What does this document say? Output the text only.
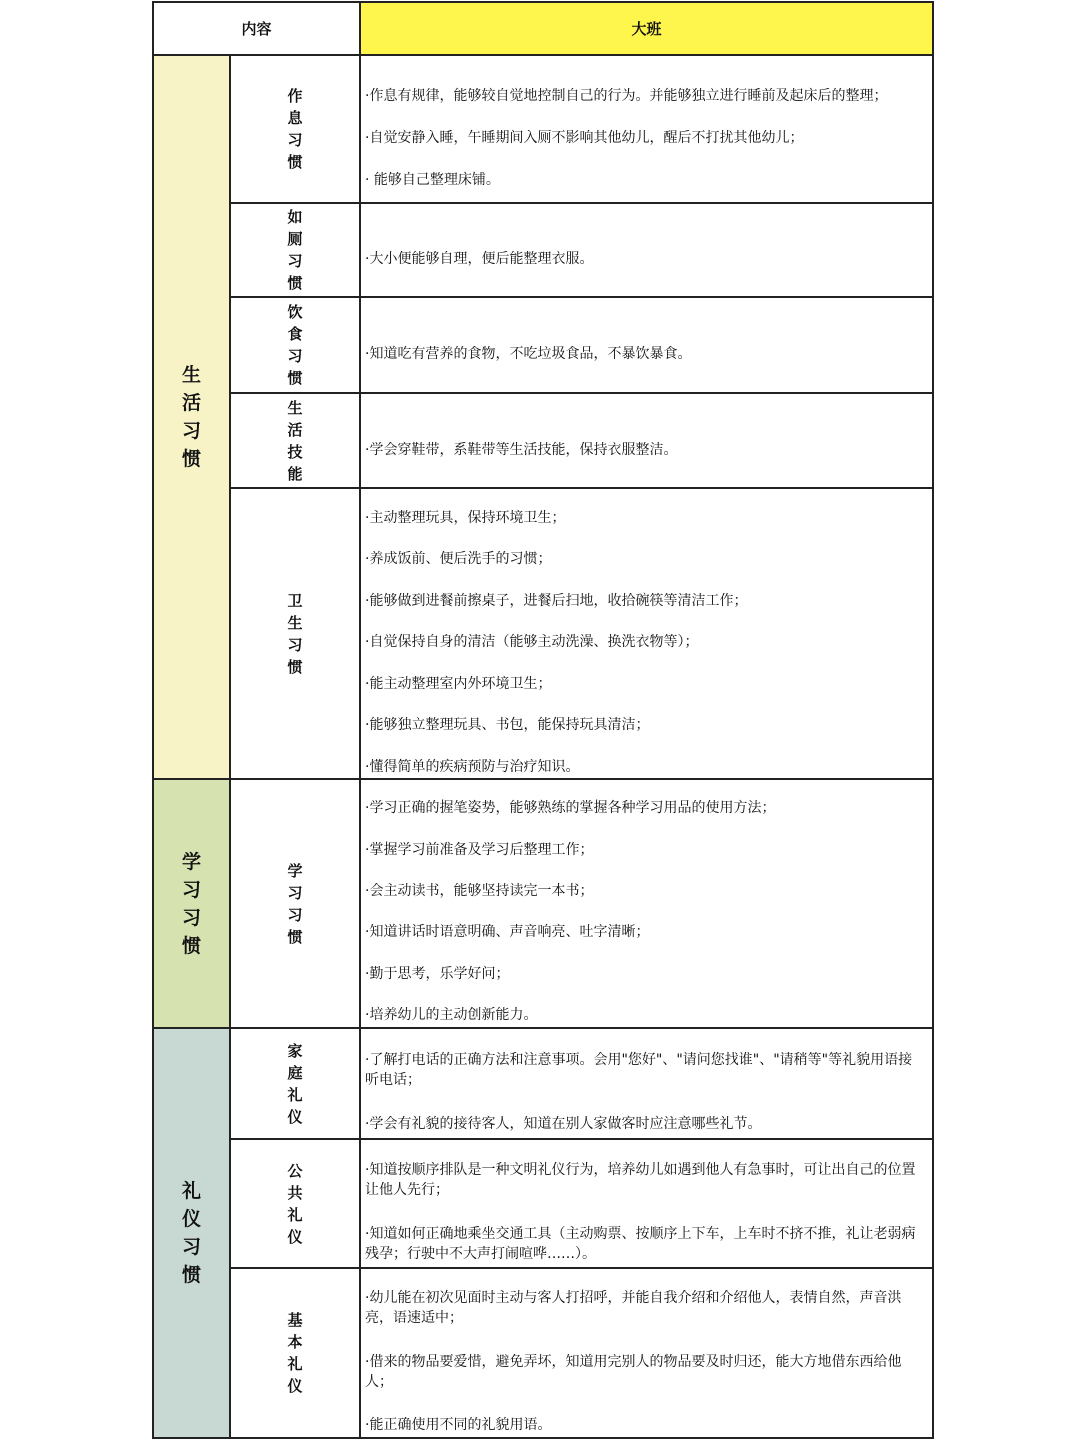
内容	大班
生活习惯
学习习惯
礼仪习惯
作息习惯
如厕习惯
饮食习惯
生活技能
卫生习惯
学习习惯
家庭礼仪
公共礼仪
基本礼仪
·作息有规律，能够较自觉地控制自己的行为。并能够独立进行睡前及起床后的整理；
·自觉安静入睡，午睡期间入厕不影响其他幼儿，醒后不打扰其他幼儿；
· 能够自己整理床铺。
·大小便能够自理，便后能整理衣服。
·知道吃有营养的食物，不吃垃圾食品，不暴饮暴食。
·学会穿鞋带，系鞋带等生活技能，保持衣服整洁。
·主动整理玩具，保持环境卫生；
·养成饭前、便后洗手的习惯；
·能够做到进餐前擦桌子，进餐后扫地，收拾碗筷等清洁工作；
·自觉保持自身的清洁（能够主动洗澡、换洗衣物等）；
·能主动整理室内外环境卫生；
·能够独立整理玩具、书包，能保持玩具清洁；
·懂得简单的疾病预防与治疗知识。
·学习正确的握笔姿势，能够熟练的掌握各种学习用品的使用方法；
·掌握学习前准备及学习后整理工作；
·会主动读书，能够坚持读完一本书；
·知道讲话时语意明确、声音响亮、吐字清晰；
·勤于思考，乐学好问；
·培养幼儿的主动创新能力。
·了解打电话的正确方法和注意事项。会用"您好"、"请问您找谁"、"请稍等"等礼貌用语接听电话；
·学会有礼貌的接待客人，知道在别人家做客时应注意哪些礼节。
·知道按顺序排队是一种文明礼仪行为，培养幼儿如遇到他人有急事时，可让出自己的位置让他人先行；
·知道如何正确地乘坐交通工具（主动购票、按顺序上下车，上车时不挤不推，礼让老弱病残孕；行驶中不大声打闹喧哗……）。
·幼儿能在初次见面时主动与客人打招呼，并能自我介绍和介绍他人，表情自然，声音洪亮，语速适中；
·借来的物品要爱惜，避免弄坏，知道用完别人的物品要及时归还，能大方地借东西给他人；
·能正确使用不同的礼貌用语。
